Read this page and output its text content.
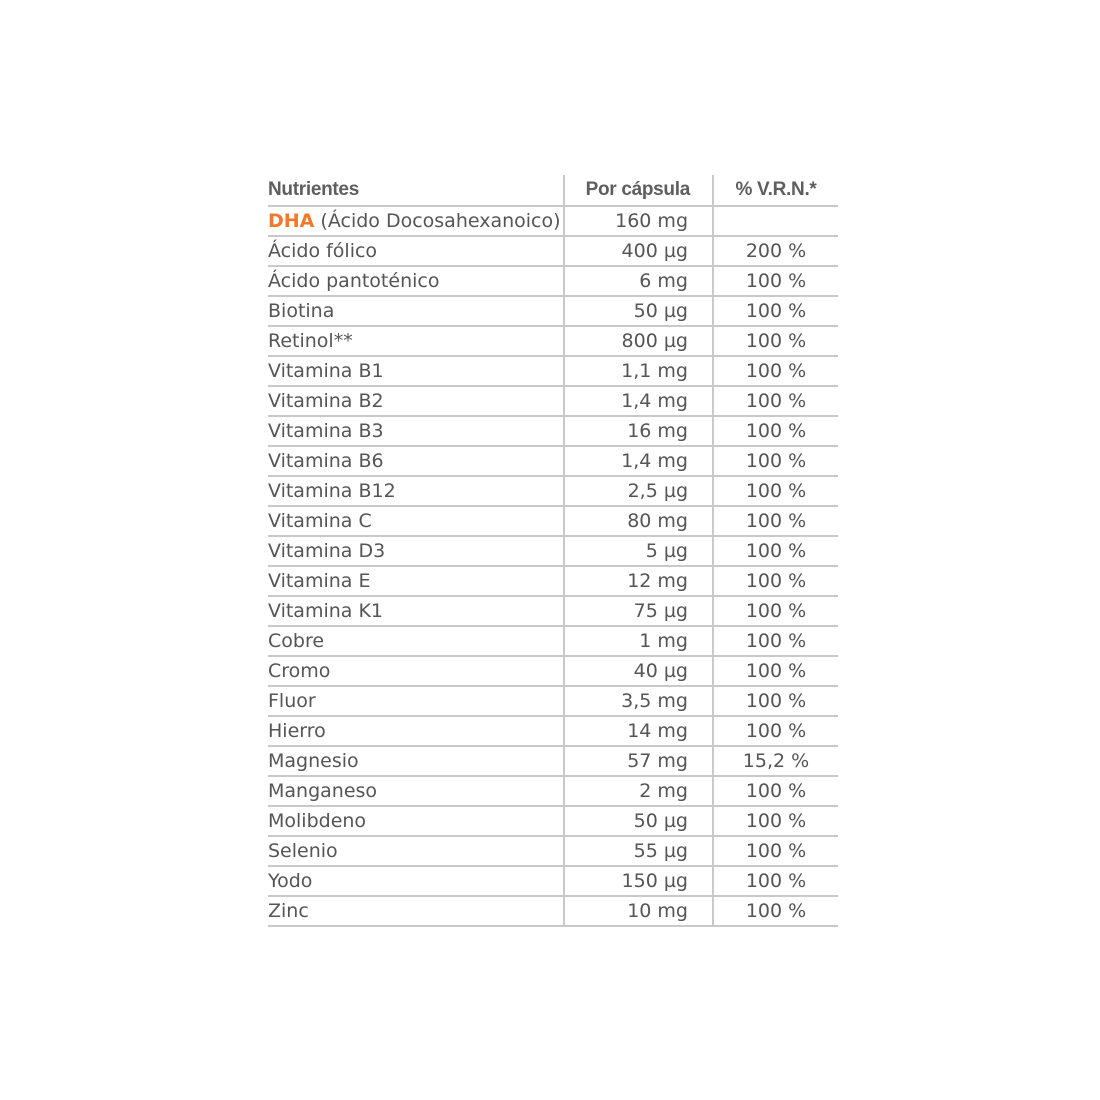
Nutrientes	Por cápsula	% V.R.N.*
DHA (Ácido Docosahexanoico)	160 mg	
Ácido fólico	400 µg	200 %
Ácido pantoténico	6 mg	100 %
Biotina	50 µg	100 %
Retinol**	800 µg	100 %
Vitamina B1	1,1 mg	100 %
Vitamina B2	1,4 mg	100 %
Vitamina B3	16 mg	100 %
Vitamina B6	1,4 mg	100 %
Vitamina B12	2,5 µg	100 %
Vitamina C	80 mg	100 %
Vitamina D3	5 µg	100 %
Vitamina E	12 mg	100 %
Vitamina K1	75 µg	100 %
Cobre	1 mg	100 %
Cromo	40 µg	100 %
Fluor	3,5 mg	100 %
Hierro	14 mg	100 %
Magnesio	57 mg	15,2 %
Manganeso	2 mg	100 %
Molibdeno	50 µg	100 %
Selenio	55 µg	100 %
Yodo	150 µg	100 %
Zinc	10 mg	100 %
